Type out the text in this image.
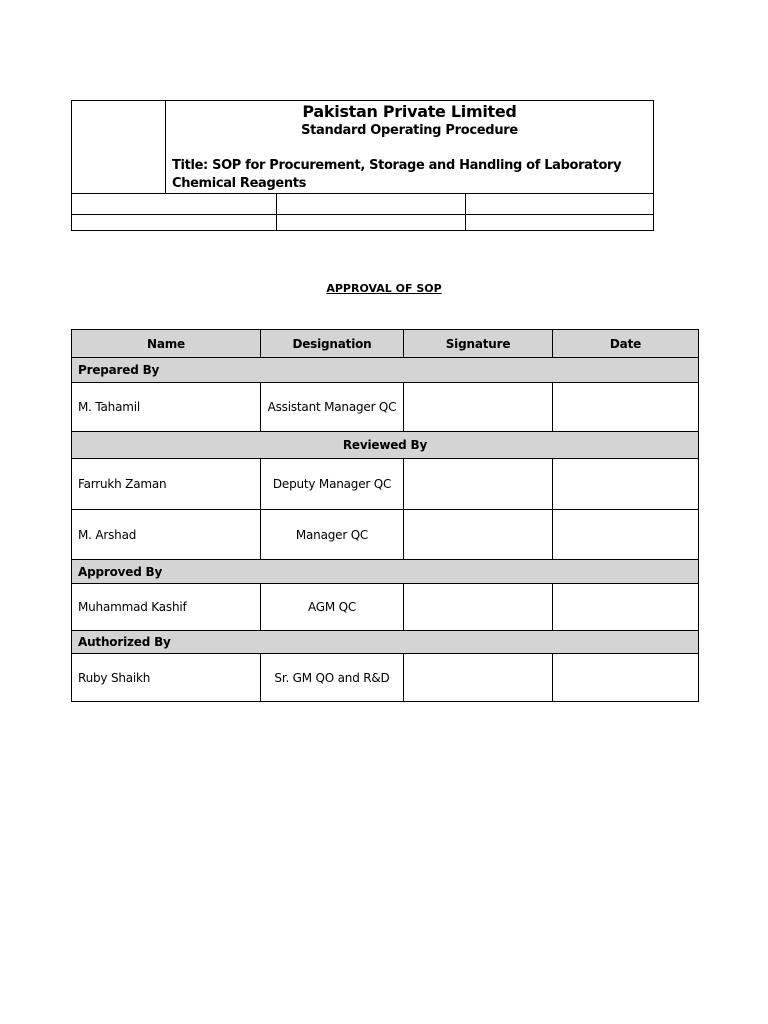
Pakistan Private Limited
Standard Operating Procedure
Title: SOP for Procurement, Storage and Handling of Laboratory Chemical Reagents
APPROVAL OF SOP
Name	Designation	Signature	Date
Prepared By			
M. Tahamil	Assistant Manager QC		
Reviewed By			
Farrukh Zaman	Deputy Manager QC		
M. Arshad	Manager QC		
Approved By			
Muhammad Kashif	AGM QC		
Authorized By			
Ruby Shaikh	Sr. GM QO and R&D		
